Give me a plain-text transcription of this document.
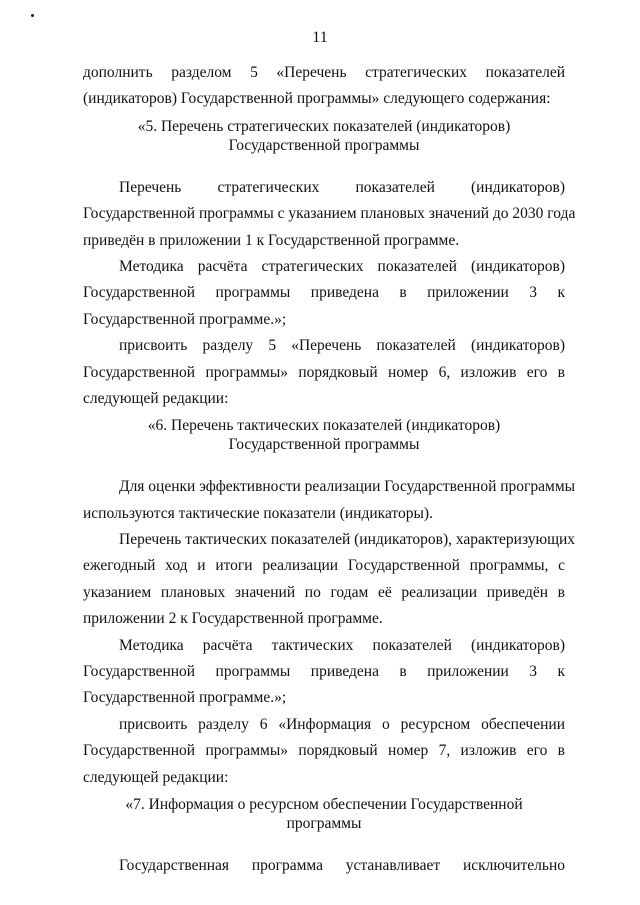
11
дополнить разделом 5 «Перечень стратегических показателей
(индикаторов) Государственной программы» следующего содержания:
«5. Перечень стратегических показателей (индикаторов)
Государственной программы
Перечень стратегических показателей (индикаторов)
Государственной программы с указанием плановых значений до 2030 года
приведён в приложении 1 к Государственной программе.
Методика расчёта стратегических показателей (индикаторов)
Государственной программы приведена в приложении 3 к
Государственной программе.»;
присвоить разделу 5 «Перечень показателей (индикаторов)
Государственной программы» порядковый номер 6, изложив его в
следующей редакции:
«6. Перечень тактических показателей (индикаторов)
Государственной программы
Для оценки эффективности реализации Государственной программы
используются тактические показатели (индикаторы).
Перечень тактических показателей (индикаторов), характеризующих
ежегодный ход и итоги реализации Государственной программы, с
указанием плановых значений по годам её реализации приведён в
приложении 2 к Государственной программе.
Методика расчёта тактических показателей (индикаторов)
Государственной программы приведена в приложении 3 к
Государственной программе.»;
присвоить разделу 6 «Информация о ресурсном обеспечении
Государственной программы» порядковый номер 7, изложив его в
следующей редакции:
«7. Информация о ресурсном обеспечении Государственной
программы
Государственная программа устанавливает исключительно
